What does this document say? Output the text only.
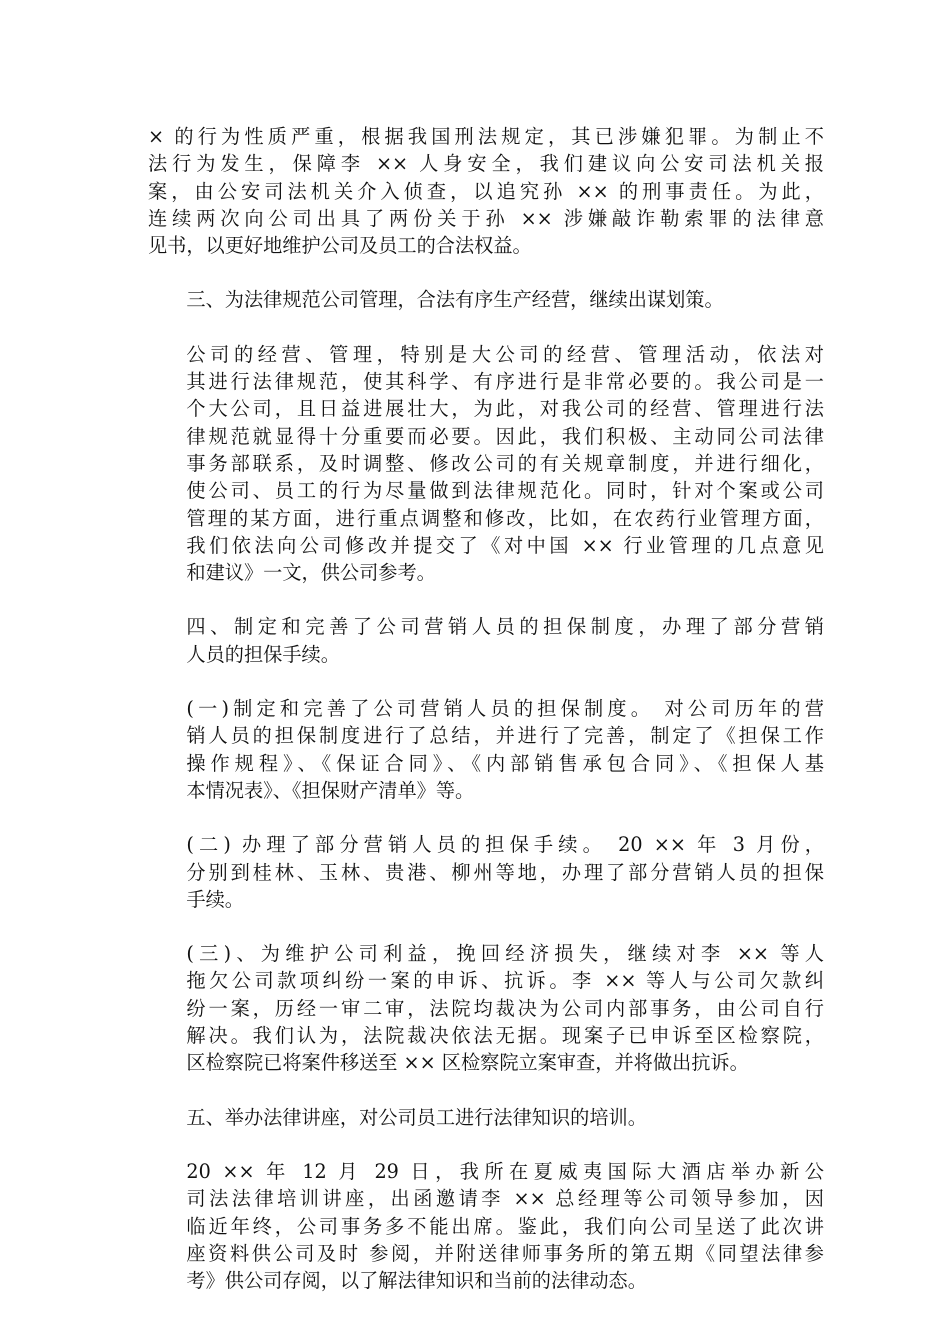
× 的行为性质严重，根据我国刑法规定，其已涉嫌犯罪。为制止不
法行为发生，保障李 ×× 人身安全，我们建议向公安司法机关报
案，由公安司法机关介入侦查，以追究孙 ×× 的刑事责任。为此，
连续两次向公司出具了两份关于孙 ×× 涉嫌敲诈勒索罪的法律意
见书，以更好地维护公司及员工的合法权益。
三、为法律规范公司管理，合法有序生产经营，继续出谋划策。
公司的经营、管理，特别是大公司的经营、管理活动，依法对
其进行法律规范，使其科学、有序进行是非常必要的。我公司是一
个大公司，且日益进展壮大，为此，对我公司的经营、管理进行法
律规范就显得十分重要而必要。因此，我们积极、主动同公司法律
事务部联系，及时调整、修改公司的有关规章制度，并进行细化，
使公司、员工的行为尽量做到法律规范化。同时，针对个案或公司
管理的某方面，进行重点调整和修改，比如，在农药行业管理方面，
我们依法向公司修改并提交了《对中国 ×× 行业管理的几点意见
和建议》一文，供公司参考。
四、制定和完善了公司营销人员的担保制度，办理了部分营销
人员的担保手续。
(一)制定和完善了公司营销人员的担保制度。 对公司历年的营
销人员的担保制度进行了总结，并进行了完善，制定了《担保工作
操作规程》、《保证合同》、《内部销售承包合同》、《担保人基
本情况表》、《担保财产清单》等。
(二) 办理了部分营销人员的担保手续。 20 ×× 年 3 月份，
分别到桂林、玉林、贵港、柳州等地，办理了部分营销人员的担保
手续。
(三)、为维护公司利益，挽回经济损失，继续对李 ×× 等人
拖欠公司款项纠纷一案的申诉、抗诉。李 ×× 等人与公司欠款纠
纷一案，历经一审二审，法院均裁决为公司内部事务，由公司自行
解决。我们认为，法院裁决依法无据。现案子已申诉至区检察院，
区检察院已将案件移送至 ×× 区检察院立案审查，并将做出抗诉。
五、举办法律讲座，对公司员工进行法律知识的培训。
20 ×× 年 12 月 29 日，我所在夏威夷国际大酒店举办新公
司法法律培训讲座，出函邀请李 ×× 总经理等公司领导参加，因
临近年终，公司事务多不能出席。鉴此，我们向公司呈送了此次讲
座资料供公司及时 参阅，并附送律师事务所的第五期《同望法律参
考》供公司存阅，以了解法律知识和当前的法律动态。
